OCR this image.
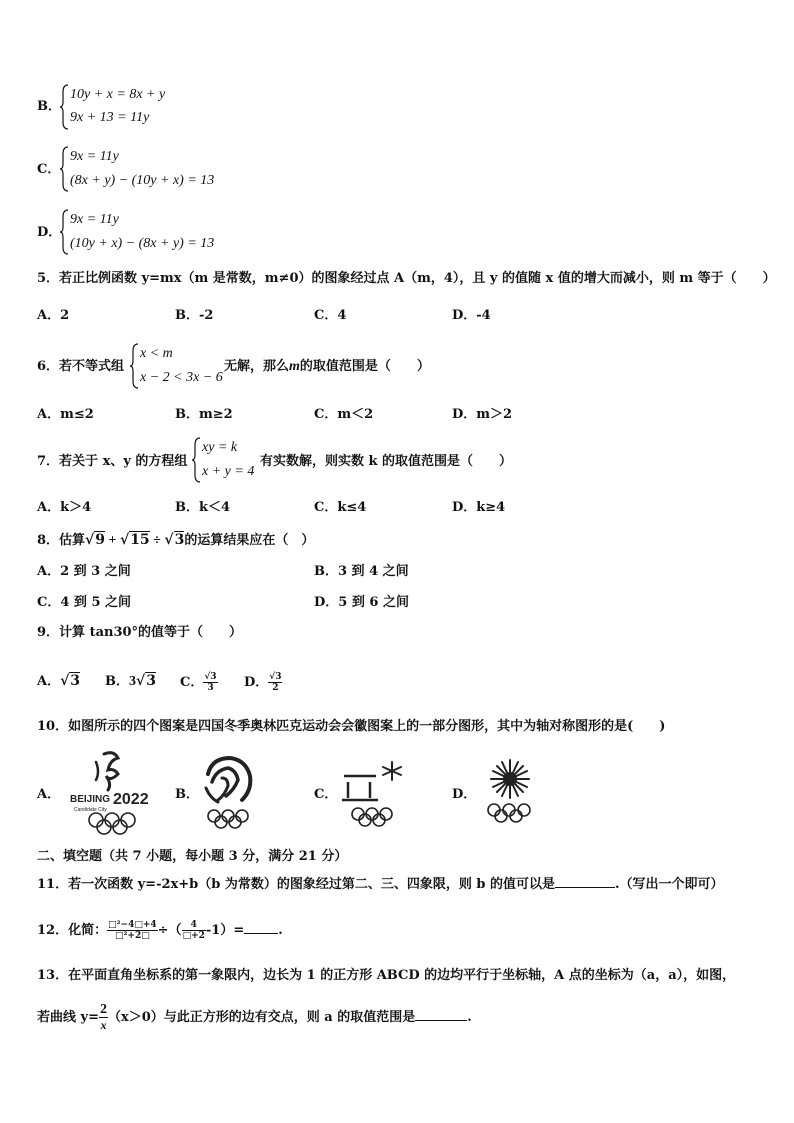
B．
10y + x = 8x + y
9x + 13 = 11y
C．
9x = 11y
(8x + y) − (10y + x) = 13
D．
9x = 11y
(10y + x) − (8x + y) = 13
5．若正比例函数 y=mx（m 是常数，m≠0）的图象经过点 A（m，4），且 y 的值随 x 值的增大而减小，则 m 等于（　　）
A．2	B．-2	C．4	D．-4
6．若不等式组
x < m
x − 2 < 3x − 6
无解，那么m的取值范围是（　　）
A．m≤2	B．m≥2	C．m＜2	D．m＞2
7．若关于 x、y 的方程组
xy = k
x + y = 4
有实数解，则实数 k 的取值范围是（　　）
A．k＞4	B．k＜4	C．k≤4	D．k≥4
8．估算√9 + √15 ÷ √3的运算结果应在（　）
A．2 到 3 之间	B．3 到 4 之间
C．4 到 5 之间	D．5 到 6 之间
9．计算 tan30°的值等于（　　）
A．√3 B．3√3 C． $\frac{√3}{3}$ D． $\frac{√3}{2}$
10．如图所示的四个图案是四国冬季奥林匹克运动会会徽图案上的一部分图形，其中为轴对称图形的是(　　)
A． BEIJING 2022
Candidate City
B．	C．	D．
二、填空题（共 7 小题，每小题 3 分，满分 21 分）
11．若一次函数 y=-2x+b（b 为常数）的图象经过第二、三、四象限，则 b 的值可以是	.（写出一个即可）
12．化简： $\frac{\text{□²−4□+4}}{\text{□²+2□}}$ ÷（ $\frac{4}{□+2} -1)=$	.
13．在平面直角坐标系的第一象限内，边长为 1 的正方形 ABCD 的边均平行于坐标轴，A 点的坐标为（a，a），如图，
若曲线 $y= \frac{2}{x} (x>0)$与此正方形的边有交点，则 a 的取值范围是	.
